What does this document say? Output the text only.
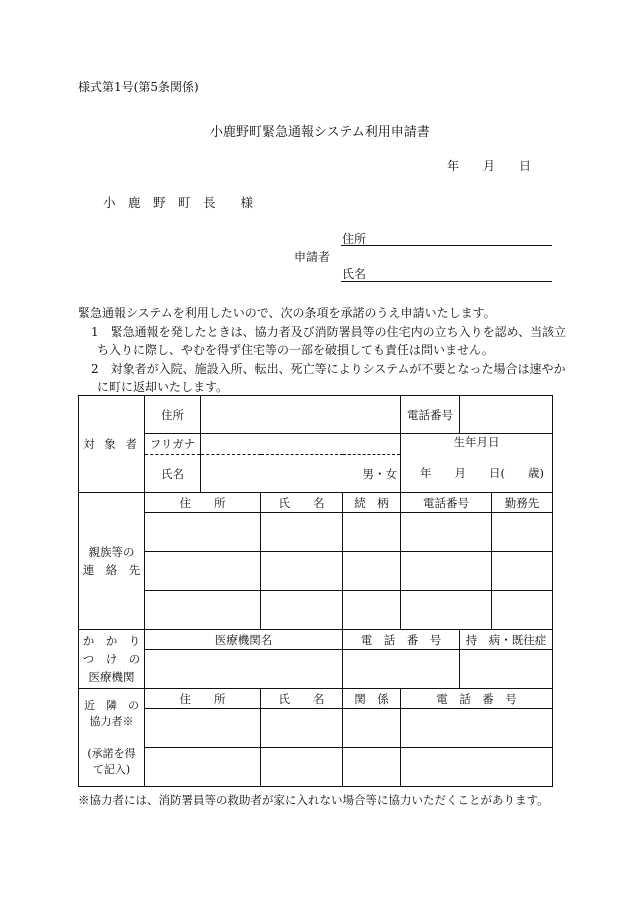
様式第1号(第5条関係)
小鹿野町緊急通報システム利用申請書
年　　月　　日
小　鹿　野　町　長　　様
申請者
住所
氏名
緊急通報システムを利用したいので、次の条項を承諾のうえ申請いたします。
1　緊急通報を発したときは、協力者及び消防署員等の住宅内の立ち入りを認め、当該立
ち入りに際し、やむを得ず住宅等の一部を破損しても責任は問いません。
2　対象者が入院、施設入所、転出、死亡等によりシステムが不要となった場合は速やか
に町に返却いたします。
対 象 者	住所				電話番号		
	フリガナ				生年月日		
	氏名	男・女			年　　月　　日(　　歳)		

親族等の
連　絡　先	住　　所		氏　　名	続　柄	電話番号		勤務先

か　か　り
つ　け　の
医療機関	医療機関名			電　話　番　号		持　病・既往症	

近　隣　の
協力者※

(承諾を得
て記入)	住　　所		氏　　名	関　係	電　話　番　号		

※協力者には、消防署員等の救助者が家に入れない場合等に協力いただくことがあります。
